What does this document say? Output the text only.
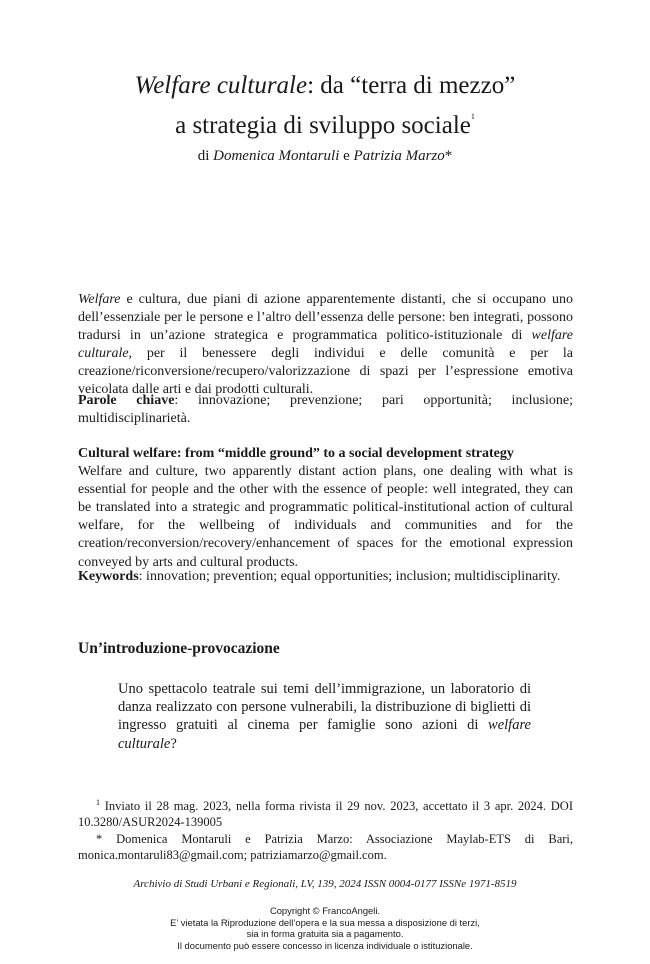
Welfare culturale: da “terra di mezzo”
a strategia di sviluppo sociale$^1$
di Domenica Montaruli e Patrizia Marzo*
Welfare e cultura, due piani di azione apparentemente distanti, che si occupano uno dell’essenziale per le persone e l’altro dell’essenza delle persone: ben integrati, possono tradursi in un’azione strategica e programmatica politico-istituzionale di welfare culturale, per il benessere degli individui e delle comunità e per la creazione/riconversione/recupero/valorizzazione di spazi per l’espressione emotiva veicolata dalle arti e dai prodotti culturali.
Parole chiave: innovazione; prevenzione; pari opportunità; inclusione; multidisciplinarietà.
Cultural welfare: from “middle ground” to a social development strategy
Welfare and culture, two apparently distant action plans, one dealing with what is essential for people and the other with the essence of people: well integrated, they can be translated into a strategic and programmatic political-institutional action of cultural welfare, for the wellbeing of individuals and communities and for the creation/reconversion/recovery/enhancement of spaces for the emotional expression conveyed by arts and cultural products.
Keywords: innovation; prevention; equal opportunities; inclusion; multidisciplinarity.
Un’introduzione-provocazione
Uno spettacolo teatrale sui temi dell’immigrazione, un laboratorio di danza realizzato con persone vulnerabili, la distribuzione di biglietti di ingresso gratuiti al cinema per famiglie sono azioni di welfare culturale?
$^1$ Inviato il 28 mag. 2023, nella forma rivista il 29 nov. 2023, accettato il 3 apr. 2024. DOI 10.3280/ASUR2024-139005
* Domenica Montaruli e Patrizia Marzo: Associazione Maylab-ETS di Bari, monica.montaruli83@gmail.com; patriziamarzo@gmail.com.
Archivio di Studi Urbani e Regionali, LV, 139, 2024 ISSN 0004-0177 ISSNe 1971-8519
Copyright © FrancoAngeli.
E’ vietata la Riproduzione dell’opera e la sua messa a disposizione di terzi,
sia in forma gratuita sia a pagamento.
Il documento può essere concesso in licenza individuale o istituzionale.
